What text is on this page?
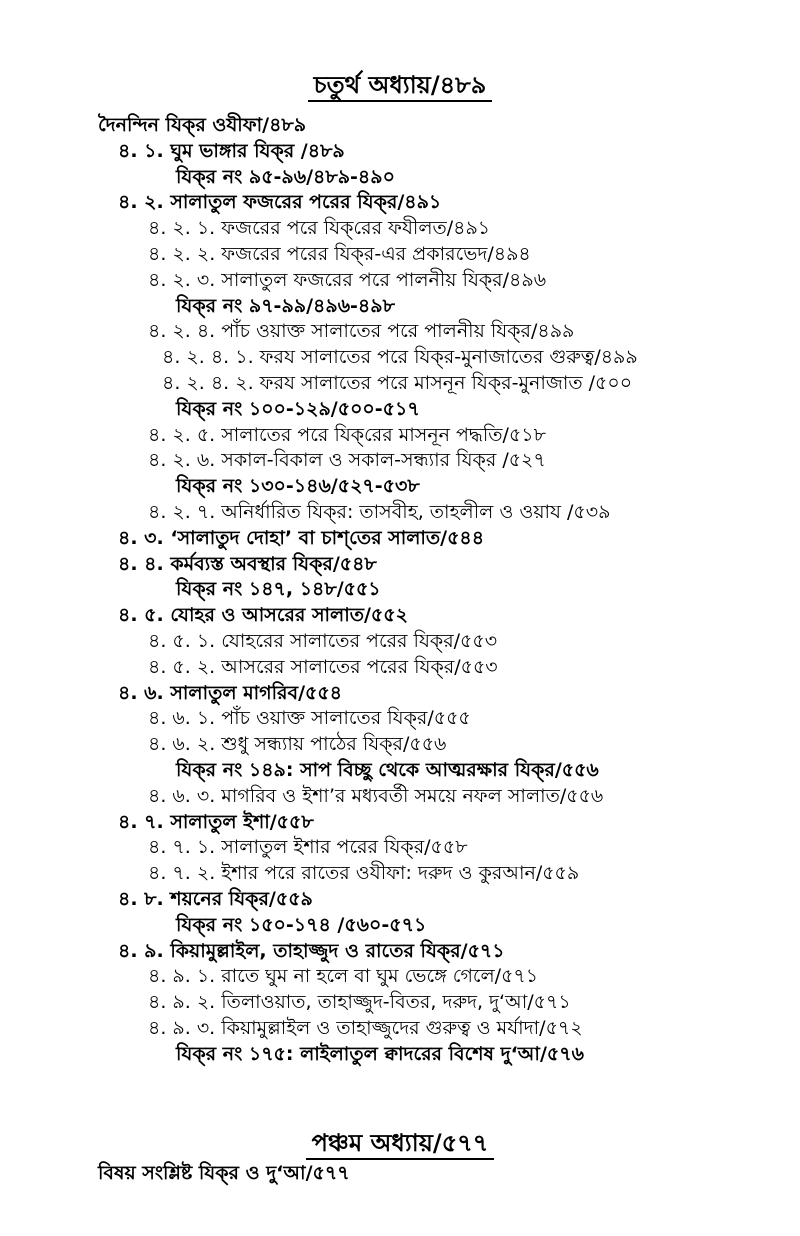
চতুর্থ অধ্যায়/৪৮৯
দৈনন্দিন যিক্‌র ওযীফা/৪৮৯
৪. ১. ঘুম ভাঙ্গার যিক্‌র /৪৮৯
যিক্‌র নং ৯৫-৯৬/৪৮৯-৪৯০
৪. ২. সালাতুল ফজরের পরের যিক্‌র/৪৯১
৪. ২. ১. ফজরের পরে যিক্‌রের ফযীলত/৪৯১
৪. ২. ২. ফজরের পরের যিক্‌র-এর প্রকারভেদ/৪৯৪
৪. ২. ৩. সালাতুল ফজরের পরে পালনীয় যিক্‌র/৪৯৬
যিক্‌র নং ৯৭-৯৯/৪৯৬-৪৯৮
৪. ২. ৪. পাঁচ ওয়াক্ত সালাতের পরে পালনীয় যিক্‌র/৪৯৯
৪. ২. ৪. ১. ফরয সালাতের পরে যিক্‌র-মুনাজাতের গুরুত্ব/৪৯৯
৪. ২. ৪. ২. ফরয সালাতের পরে মাসনূন যিক্‌র-মুনাজাত /৫০০
যিক্‌র নং ১০০-১২৯/৫০০-৫১৭
৪. ২. ৫. সালাতের পরে যিক্‌রের মাসনূন পদ্ধতি/৫১৮
৪. ২. ৬. সকাল-বিকাল ও সকাল-সন্ধ্যার যিক্‌র /৫২৭
যিক্‌র নং ১৩০-১৪৬/৫২৭-৫৩৮
৪. ২. ৭. অনির্ধারিত যিক্‌র: তাসবীহ, তাহলীল ও ওয়ায /৫৩৯
৪. ৩. ‘সালাতুদ দোহা’ বা চাশ্‌তের সালাত/৫৪৪
৪. ৪. কর্মব্যস্ত অবস্থার যিক্‌র/৫৪৮
যিক্‌র নং ১৪৭, ১৪৮/৫৫১
৪. ৫. যোহর ও আসরের সালাত/৫৫২
৪. ৫. ১. যোহরের সালাতের পরের যিক্‌র/৫৫৩
৪. ৫. ২. আসরের সালাতের পরের যিক্‌র/৫৫৩
৪. ৬. সালাতুল মাগরিব/৫৫৪
৪. ৬. ১. পাঁচ ওয়াক্ত সালাতের যিক্‌র/৫৫৫
৪. ৬. ২. শুধু সন্ধ্যায় পাঠের যিক্‌র/৫৫৬
যিক্‌র নং ১৪৯: সাপ বিচ্ছু থেকে আত্মরক্ষার যিক্‌র/৫৫৬
৪. ৬. ৩. মাগরিব ও ইশা’র মধ্যবর্তী সময়ে নফল সালাত/৫৫৬
৪. ৭. সালাতুল ইশা/৫৫৮
৪. ৭. ১. সালাতুল ইশার পরের যিক্‌র/৫৫৮
৪. ৭. ২. ইশার পরে রাতের ওযীফা: দরুদ ও কুরআন/৫৫৯
৪. ৮. শয়নের যিক্‌র/৫৫৯
যিক্‌র নং ১৫০-১৭৪ /৫৬০-৫৭১
৪. ৯. কিয়ামুল্লাইল, তাহাজ্জুদ ও রাতের যিক্‌র/৫৭১
৪. ৯. ১. রাতে ঘুম না হলে বা ঘুম ভেঙ্গে গেলে/৫৭১
৪. ৯. ২. তিলাওয়াত, তাহাজ্জুদ-বিতর, দরুদ, দু‘আ/৫৭১
৪. ৯. ৩. কিয়ামুল্লাইল ও তাহাজ্জুদের গুরুত্ব ও মর্যাদা/৫৭২
যিক্‌র নং ১৭৫: লাইলাতুল ক্বাদরের বিশেষ দু‘আ/৫৭৬
পঞ্চম অধ্যায়/৫৭৭
বিষয় সংশ্লিষ্ট যিক্‌র ও দু‘আ/৫৭৭
